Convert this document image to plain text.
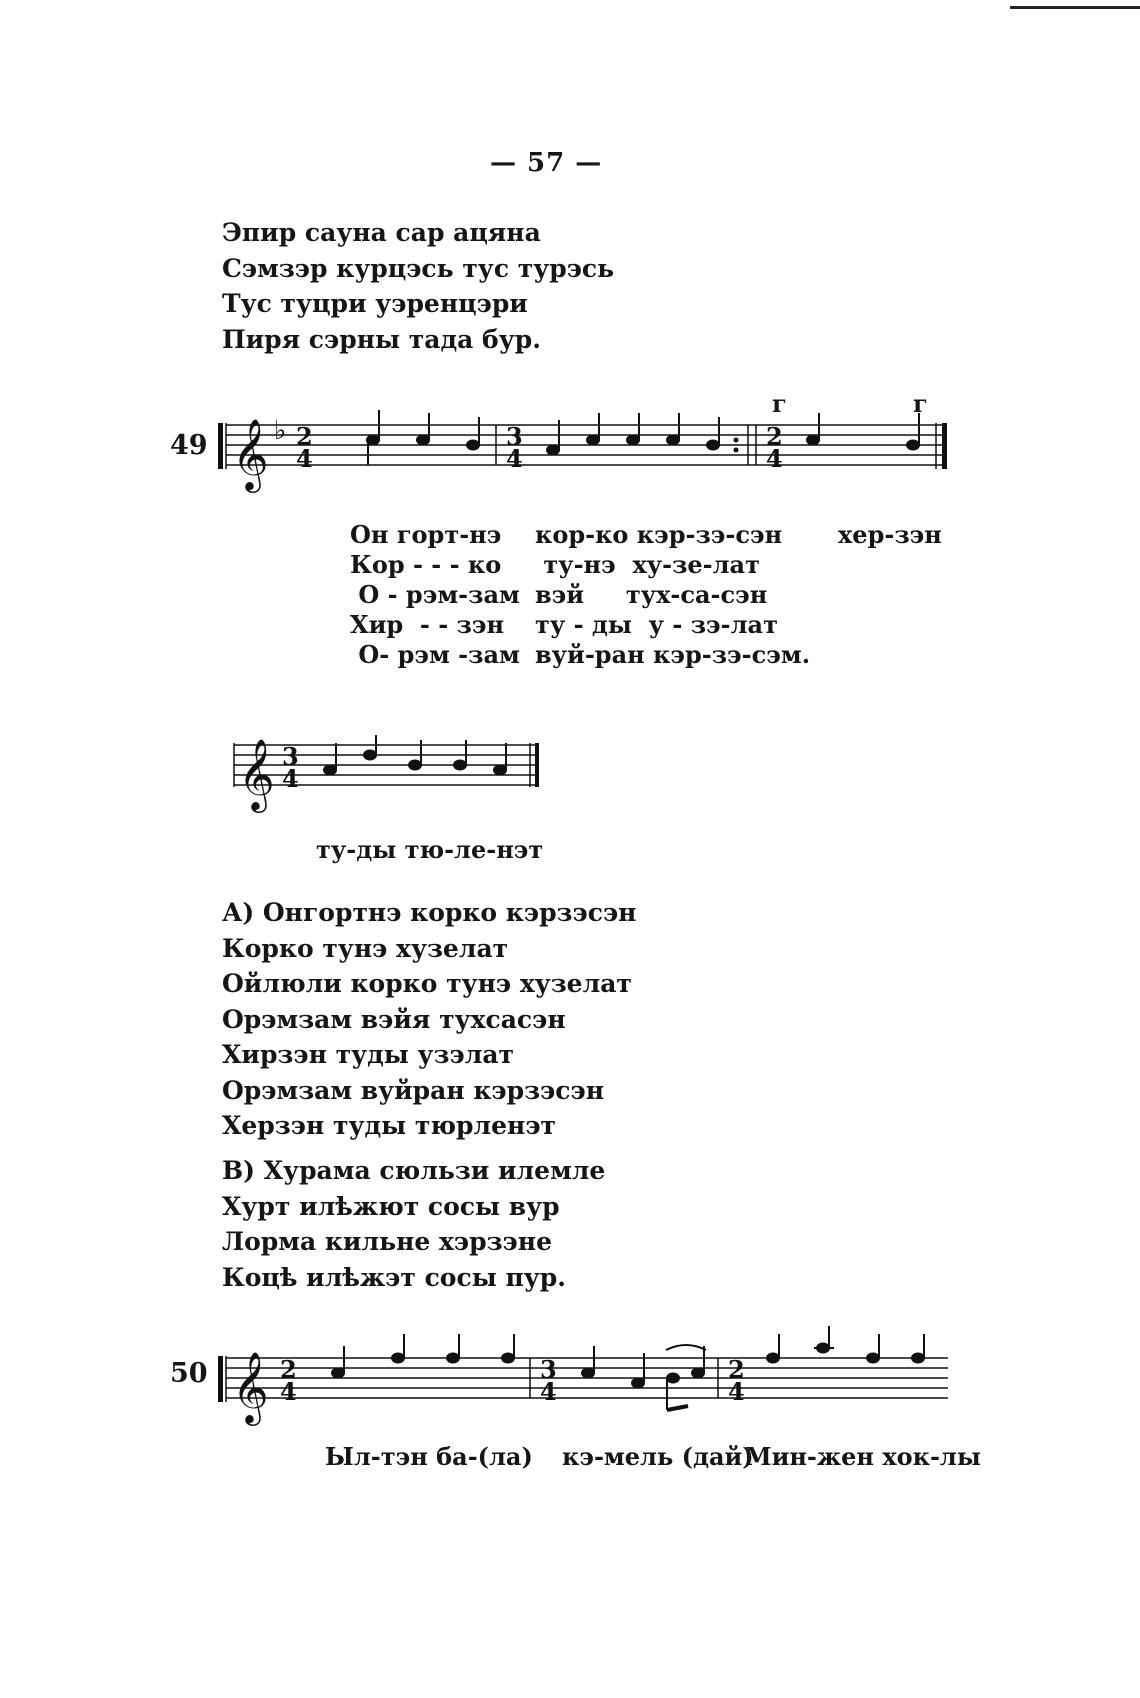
— 57 —
Эпир сауна сар ацяна
Сэмзэр курцэсь тус турэсь
Тус туцри уэренцэри
Пиря сэрны тада бур.
49
г	г
𝄞 ♭ 2
4
3
4
2
4
Он горт-нэ
Кор - - - ко
О - рэм-зам
Хир  - - зэн
О- рэм -зам
кор-ко кэр-зэ-сэн
ту-нэ  ху-зе-лат
вэй     тух-са-сэн
ту - ды  у - зэ-лат
вуй-ран кэр-зэ-сэм.
хер-зэн
𝄞 3
4
ту-ды тю-ле-нэт
А) Онгортнэ корко кэрзэсэн
Корко тунэ хузелат
Ойлюли корко тунэ хузелат
Орэмзам вэйя тухсасэн
Хирзэн туды узэлат
Орэмзам вуйран кэрзэсэн
Херзэн туды тюрленэт
В) Хурама сюльзи илемле
Хурт илѣжют сосы вур
Лорма кильне хэрзэне
Коцѣ илѣжэт сосы пур.
50 𝄞 2
4
3
4
2
4
Ыл-тэн ба-(ла) кэ-мель (дай)
Мин-жен хок-лы
